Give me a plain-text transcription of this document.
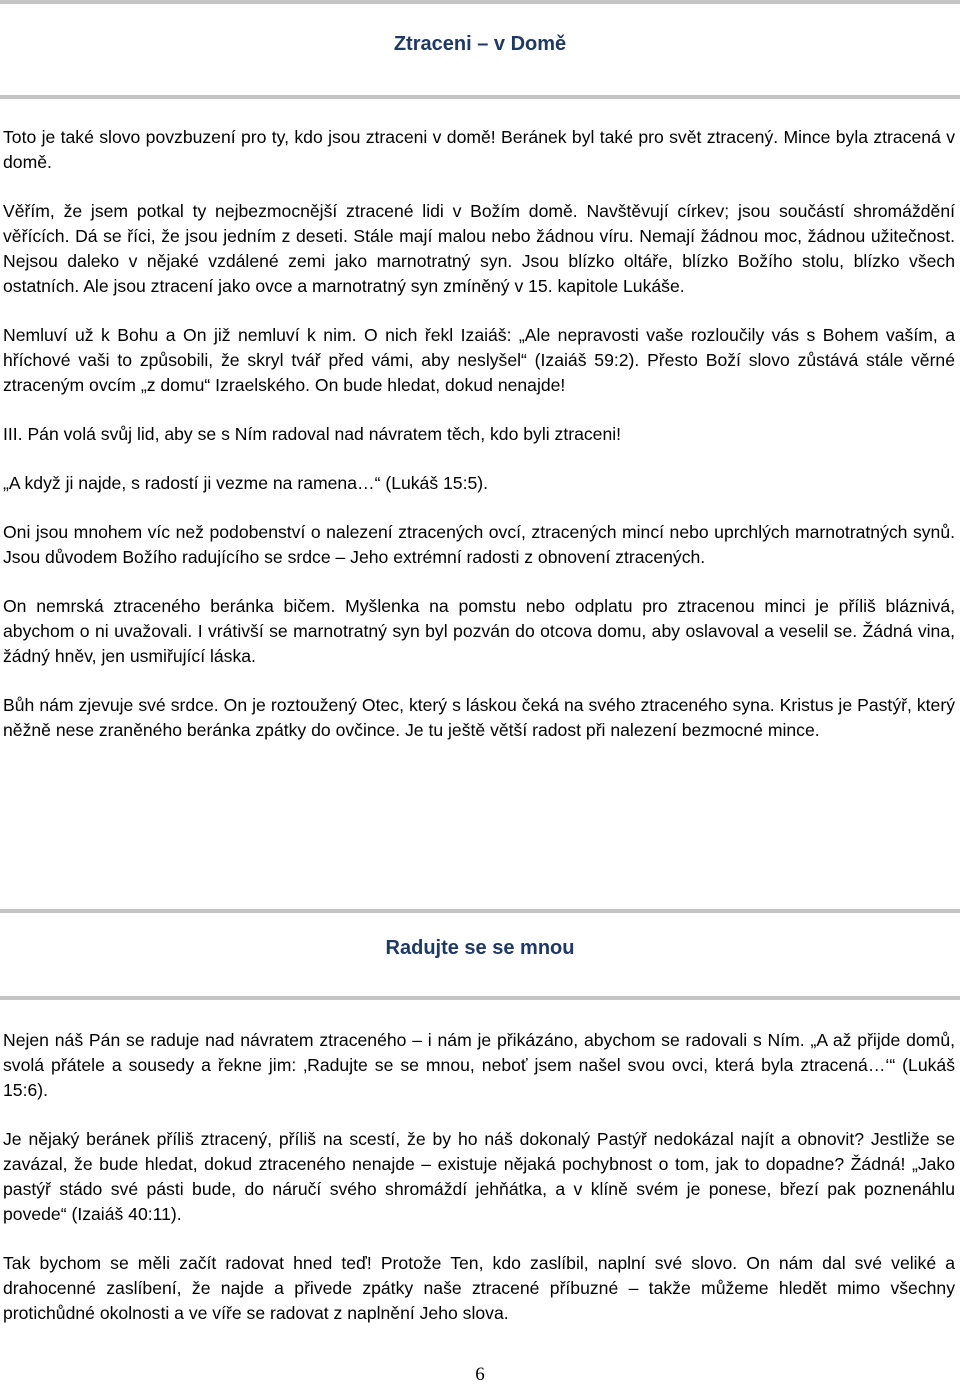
Ztraceni – v Domě

Toto je také slovo povzbuzení pro ty, kdo jsou ztraceni v domě! Beránek byl také pro svět ztracený. Mince byla ztracená v domě.

Věřím, že jsem potkal ty nejbezmocnější ztracené lidi v Božím domě. Navštěvují církev; jsou součástí shromáždění věřících. Dá se říci, že jsou jedním z deseti. Stále mají malou nebo žádnou víru. Nemají žádnou moc, žádnou užitečnost. Nejsou daleko v nějaké vzdálené zemi jako marnotratný syn. Jsou blízko oltáře, blízko Božího stolu, blízko všech ostatních. Ale jsou ztracení jako ovce a marnotratný syn zmíněný v 15. kapitole Lukáše.

Nemluví už k Bohu a On již nemluví k nim. O nich řekl Izaiáš: „Ale nepravosti vaše rozloučily vás s Bohem vaším, a hříchové vaši to způsobili, že skryl tvář před vámi, aby neslyšel“ (Izaiáš 59:2). Přesto Boží slovo zůstává stále věrné ztraceným ovcím „z domu“ Izraelského. On bude hledat, dokud nenajde!

III. Pán volá svůj lid, aby se s Ním radoval nad návratem těch, kdo byli ztraceni!

„A když ji najde, s radostí ji vezme na ramena…“ (Lukáš 15:5).

Oni jsou mnohem víc než podobenství o nalezení ztracených ovcí, ztracených mincí nebo uprchlých marnotratných synů. Jsou důvodem Božího radujícího se srdce – Jeho extrémní radosti z obnovení ztracených.

On nemrská ztraceného beránka bičem. Myšlenka na pomstu nebo odplatu pro ztracenou minci je příliš bláznivá, abychom o ni uvažovali. I vrátivší se marnotratný syn byl pozván do otcova domu, aby oslavoval a veselil se. Žádná vina, žádný hněv, jen usmiřující láska.

Bůh nám zjevuje své srdce. On je roztoužený Otec, který s láskou čeká na svého ztraceného syna. Kristus je Pastýř, který něžně nese zraněného beránka zpátky do ovčince. Je tu ještě větší radost při nalezení bezmocné mince.

Radujte se se mnou

Nejen náš Pán se raduje nad návratem ztraceného – i nám je přikázáno, abychom se radovali s Ním. „A až přijde domů, svolá přátele a sousedy a řekne jim: ‚Radujte se se mnou, neboť jsem našel svou ovci, která byla ztracená…‘“ (Lukáš 15:6).

Je nějaký beránek příliš ztracený, příliš na scestí, že by ho náš dokonalý Pastýř nedokázal najít a obnovit? Jestliže se zavázal, že bude hledat, dokud ztraceného nenajde – existuje nějaká pochybnost o tom, jak to dopadne? Žádná! „Jako pastýř stádo své pásti bude, do náručí svého shromáždí jehňátka, a v klíně svém je ponese, březí pak poznenáhlu povede“ (Izaiáš 40:11).

Tak bychom se měli začít radovat hned teď! Protože Ten, kdo zaslíbil, naplní své slovo. On nám dal své veliké a drahocenné zaslíbení, že najde a přivede zpátky naše ztracené příbuzné – takže můžeme hledět mimo všechny protichůdné okolnosti a ve víře se radovat z naplnění Jeho slova.

6
